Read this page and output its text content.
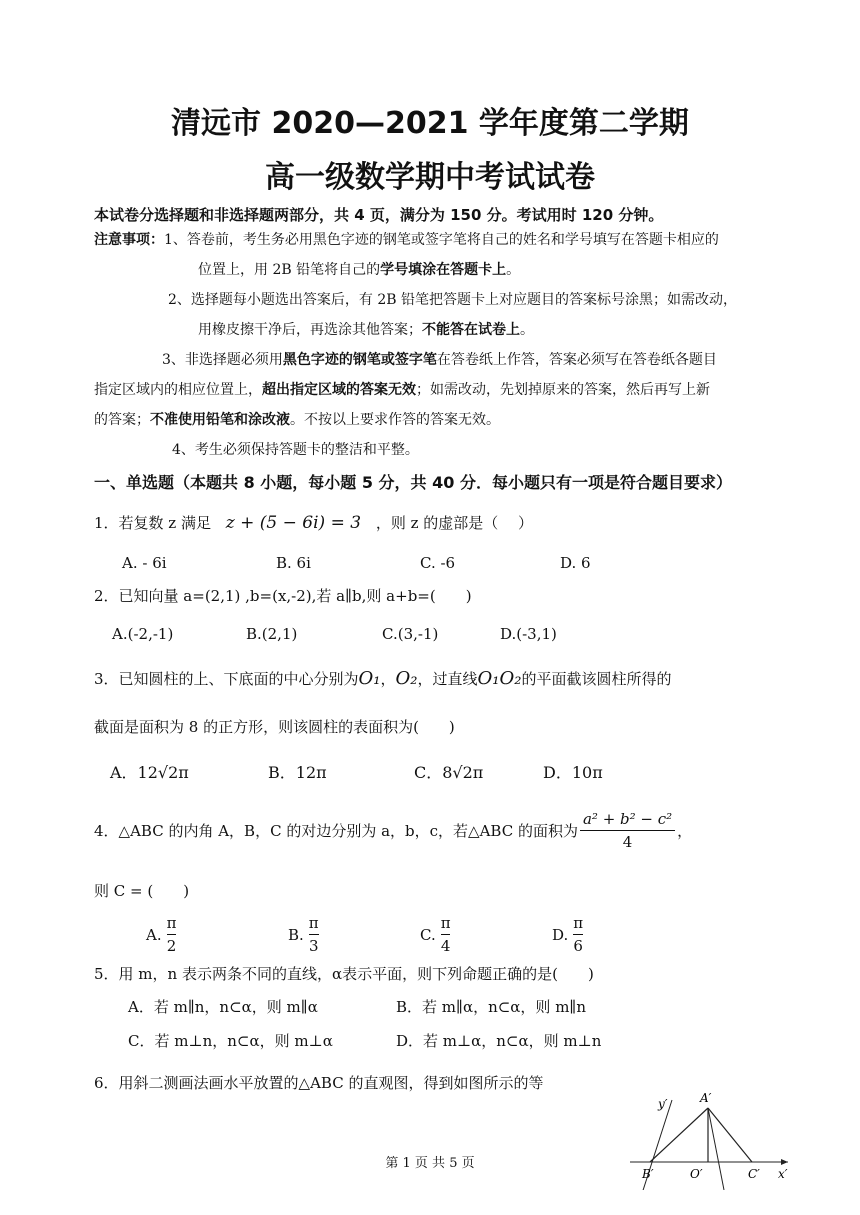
清远市 2020—2021 学年度第二学期
高一级数学期中考试试卷
本试卷分选择题和非选择题两部分，共 4 页，满分为 150 分。考试用时 120 分钟。
注意事项：1、答卷前，考生务必用黑色字迹的钢笔或签字笔将自己的姓名和学号填写在答题卡相应的
位置上，用 2B 铅笔将自己的学号填涂在答题卡上。
2、选择题每小题选出答案后，有 2B 铅笔把答题卡上对应题目的答案标号涂黑；如需改动，
用橡皮擦干净后，再选涂其他答案；不能答在试卷上。
3、非选择题必须用黑色字迹的钢笔或签字笔在答卷纸上作答，答案必须写在答卷纸各题目
指定区域内的相应位置上，超出指定区域的答案无效；如需改动，先划掉原来的答案，然后再写上新
的答案；不准使用铅笔和涂改液。不按以上要求作答的答案无效。
4、考生必须保持答题卡的整洁和平整。
一、单选题（本题共 8 小题，每小题 5 分，共 40 分．每小题只有一项是符合题目要求）
1．若复数 z 满足 z + (5 − 6i) = 3 ，则 z 的虚部是（　 ）
A. - 6i	B. 6i	C. -6	D. 6
2．已知向量 a=(2,1) ,b=(x,-2),若 a∥b,则 a+b=(　　)
A.(-2,-1)	B.(2,1)	C.(3,-1)	D.(-3,1)
3．已知圆柱的上、下底面的中心分别为O₁，O₂，过直线O₁O₂的平面截该圆柱所得的
截面是面积为 8 的正方形，则该圆柱的表面积为(　　)
A．12√2π	B．12π	C．8√2π	D．10π
4．△ABC 的内角 A，B，C 的对边分别为 a，b，c，若△ABC 的面积为 $\frac{\text{a² + b² − c²}}{4}$ ，
则 C = (　　)
A. $\frac{\pi}{2}$	B. $\frac{\pi}{3}$	C. $\frac{\pi}{4}$	D. $\frac{\pi}{6}$
5．用 m，n 表示两条不同的直线，α表示平面，则下列命题正确的是(　　)
A．若 m∥n，n⊂α，则 m∥α	B．若 m∥α，n⊂α，则 m∥n
C．若 m⊥n，n⊂α，则 m⊥α	D．若 m⊥α，n⊂α，则 m⊥n
6．用斜二测画法画水平放置的△ABC 的直观图，得到如图所示的等
y′	A′
B′	O′	C′ x′
第 1 页 共 5 页
